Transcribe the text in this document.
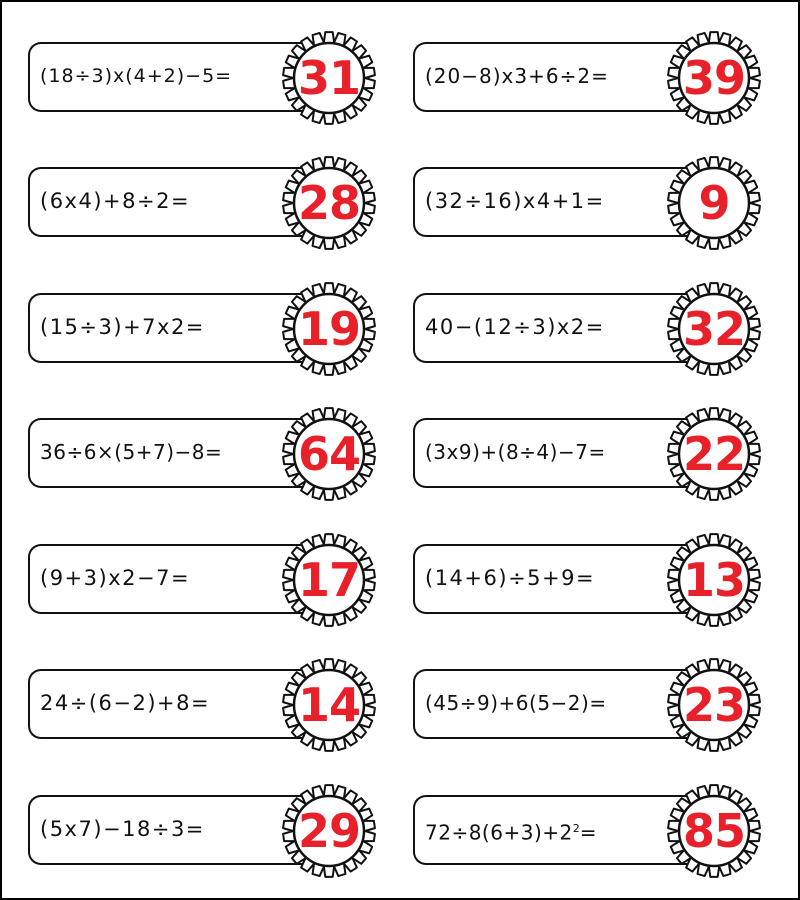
(18÷3)x(4+2)−5=	31	(20−8)x3+6÷2=	39
(6x4)+8÷2=	28	(32÷16)x4+1=	9
(15÷3)+7x2=	19	40−(12÷3)x2=	32
36÷6×(5+7)−8=	64	(3x9)+(8÷4)−7=	22
(9+3)x2−7=	17	(14+6)÷5+9=	13
24÷(6−2)+8=	14	(45÷9)+6(5−2)=	23
(5x7)−18÷3=	29	$72\div 8(6+3)+2^2=$	85
